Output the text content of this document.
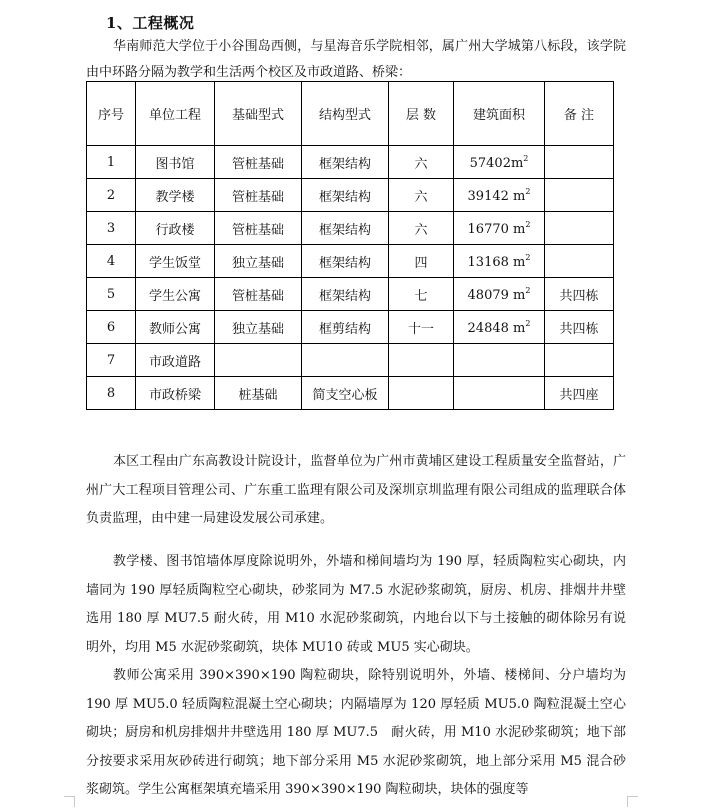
1、工程概况

华南师范大学位于小谷围岛西侧，与星海音乐学院相邻，属广州大学城第八标段，该学院由中环路分隔为教学和生活两个校区及市政道路、桥梁：

序号	单位工程	基础型式	结构型式	层 数	建筑面积	备 注
1	图书馆	管桩基础	框架结构	六	$57402m^2$	
2	教学楼	管桩基础	框架结构	六	39142 $m^2$	
3	行政楼	管桩基础	框架结构	六	16770 $m^2$	
4	学生饭堂	独立基础	框架结构	四	13168 $m^2$	
5	学生公寓	管桩基础	框架结构	七	48079 $m^2$	共四栋
6	教师公寓	独立基础	框剪结构	十一	24848 $m^2$	共四栋
7	市政道路					
8	市政桥梁	桩基础	简支空心板			共四座

本区工程由广东高教设计院设计，监督单位为广州市黄埔区建设工程质量安全监督站，广州广大工程项目管理公司、广东重工监理有限公司及深圳京圳监理有限公司组成的监理联合体负责监理，由中建一局建设发展公司承建。

教学楼、图书馆墙体厚度除说明外，外墙和梯间墙均为 190 厚，轻质陶粒实心砌块，内墙同为 190 厚轻质陶粒空心砌块，砂浆同为 M7.5 水泥砂浆砌筑，厨房、机房、排烟井井壁选用 180 厚 MU7.5 耐火砖，用 M10 水泥砂浆砌筑，内地台以下与土接触的砌体除另有说明外，均用 M5 水泥砂浆砌筑，块体 MU10 砖或 MU5 实心砌块。

教师公寓采用 390×390×190 陶粒砌块，除特别说明外，外墙、楼梯间、分户墙均为 190 厚 MU5.0 轻质陶粒混凝土空心砌块；内隔墙厚为 120 厚轻质 MU5.0 陶粒混凝土空心砌块；厨房和机房排烟井井壁选用 180 厚 MU7.5　耐火砖，用 M10 水泥砂浆砌筑；地下部分按要求采用灰砂砖进行砌筑；地下部分采用 M5 水泥砂浆砌筑，地上部分采用 M5 混合砂浆砌筑。学生公寓框架填充墙采用 390×390×190 陶粒砌块，块体的强度等
